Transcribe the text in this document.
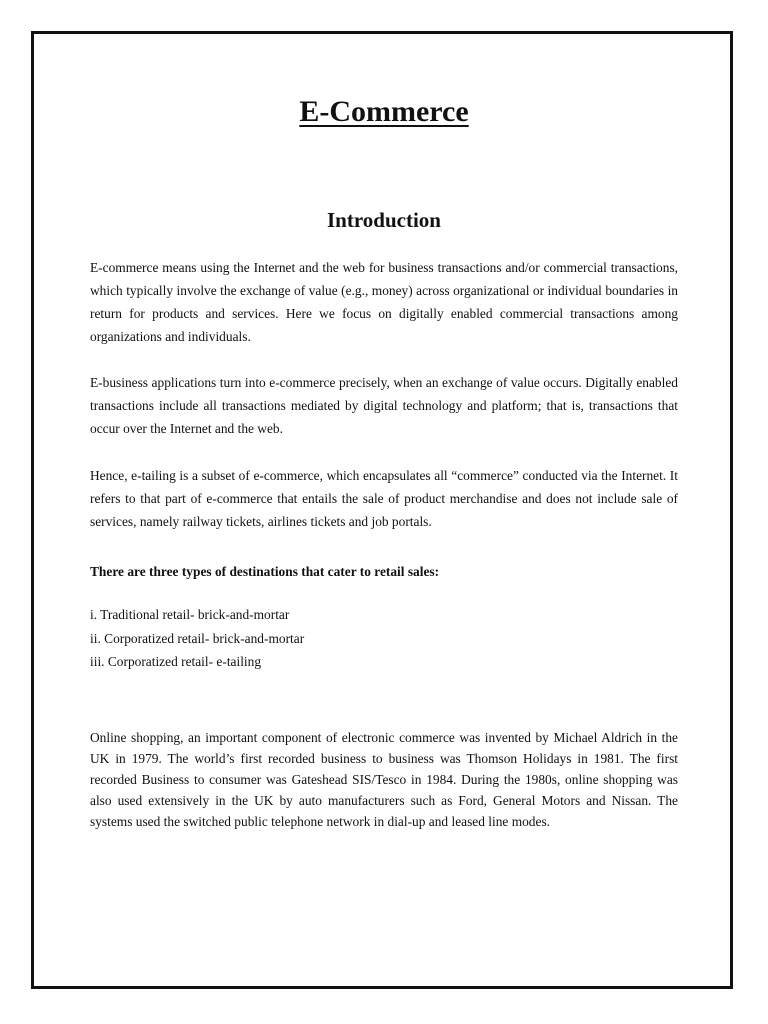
E-Commerce
Introduction

E-commerce means using the Internet and the web for business transactions and/or commercial transactions, which typically involve the exchange of value (e.g., money) across organizational or individual boundaries in return for products and services. Here we focus on digitally enabled commercial transactions among organizations and individuals.

E-business applications turn into e-commerce precisely, when an exchange of value occurs. Digitally enabled transactions include all transactions mediated by digital technology and platform; that is, transactions that occur over the Internet and the web.

Hence, e-tailing is a subset of e-commerce, which encapsulates all “commerce” conducted via the Internet. It refers to that part of e-commerce that entails the sale of product merchandise and does not include sale of services, namely railway tickets, airlines tickets and job portals.

There are three types of destinations that cater to retail sales:
i. Traditional retail- brick-and-mortar
ii. Corporatized retail- brick-and-mortar
iii. Corporatized retail- e-tailing

Online shopping, an important component of electronic commerce was invented by Michael Aldrich in the UK in 1979. The world’s first recorded business to business was Thomson Holidays in 1981. The first recorded Business to consumer was Gateshead SIS/Tesco in 1984. During the 1980s, online shopping was also used extensively in the UK by auto manufacturers such as Ford, General Motors and Nissan. The systems used the switched public telephone network in dial-up and leased line modes.
